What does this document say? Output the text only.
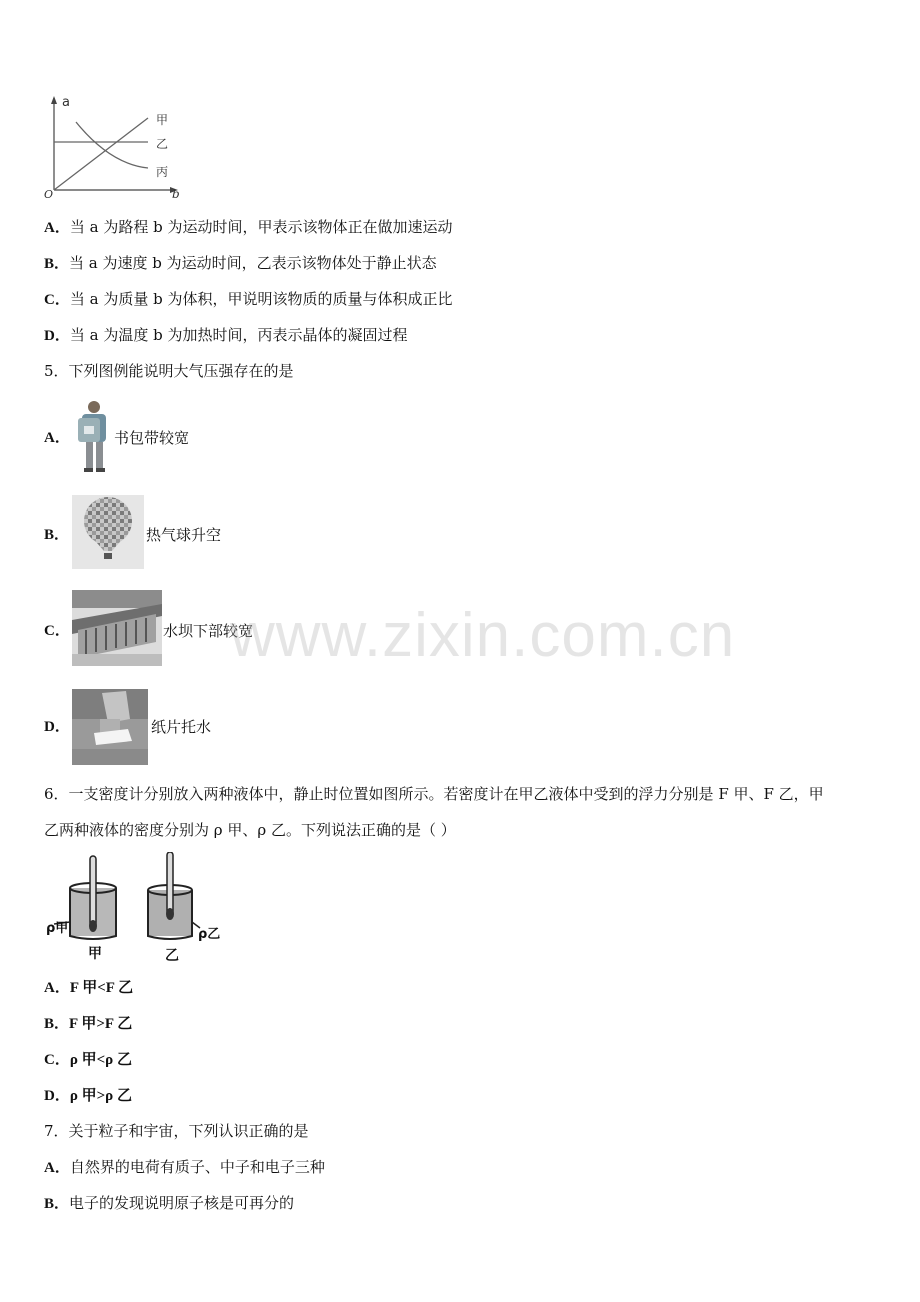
a
b
O
甲
乙
丙
A．当 a 为路程 b 为运动时间，甲表示该物体正在做加速运动
B．当 a 为速度 b 为运动时间，乙表示该物体处于静止状态
C．当 a 为质量 b 为体积，甲说明该物质的质量与体积成正比
D．当 a 为温度 b 为加热时间，丙表示晶体的凝固过程
5．下列图例能说明大气压强存在的是
A．	书包带较宽
B．	热气球升空
C．	水坝下部较宽
D．	纸片托水
www.zixin.com.cn
6．一支密度计分别放入两种液体中，静止时位置如图所示。若密度计在甲乙液体中受到的浮力分别是 F 甲、F 乙，甲
乙两种液体的密度分别为 ρ 甲、ρ 乙。下列说法正确的是（ ）
ρ甲	ρ乙
甲	乙
A．F 甲<F 乙
B．F 甲>F 乙
C．ρ 甲<ρ 乙
D．ρ 甲>ρ 乙
7．关于粒子和宇宙，下列认识正确的是
A．自然界的电荷有质子、中子和电子三种
B．电子的发现说明原子核是可再分的
